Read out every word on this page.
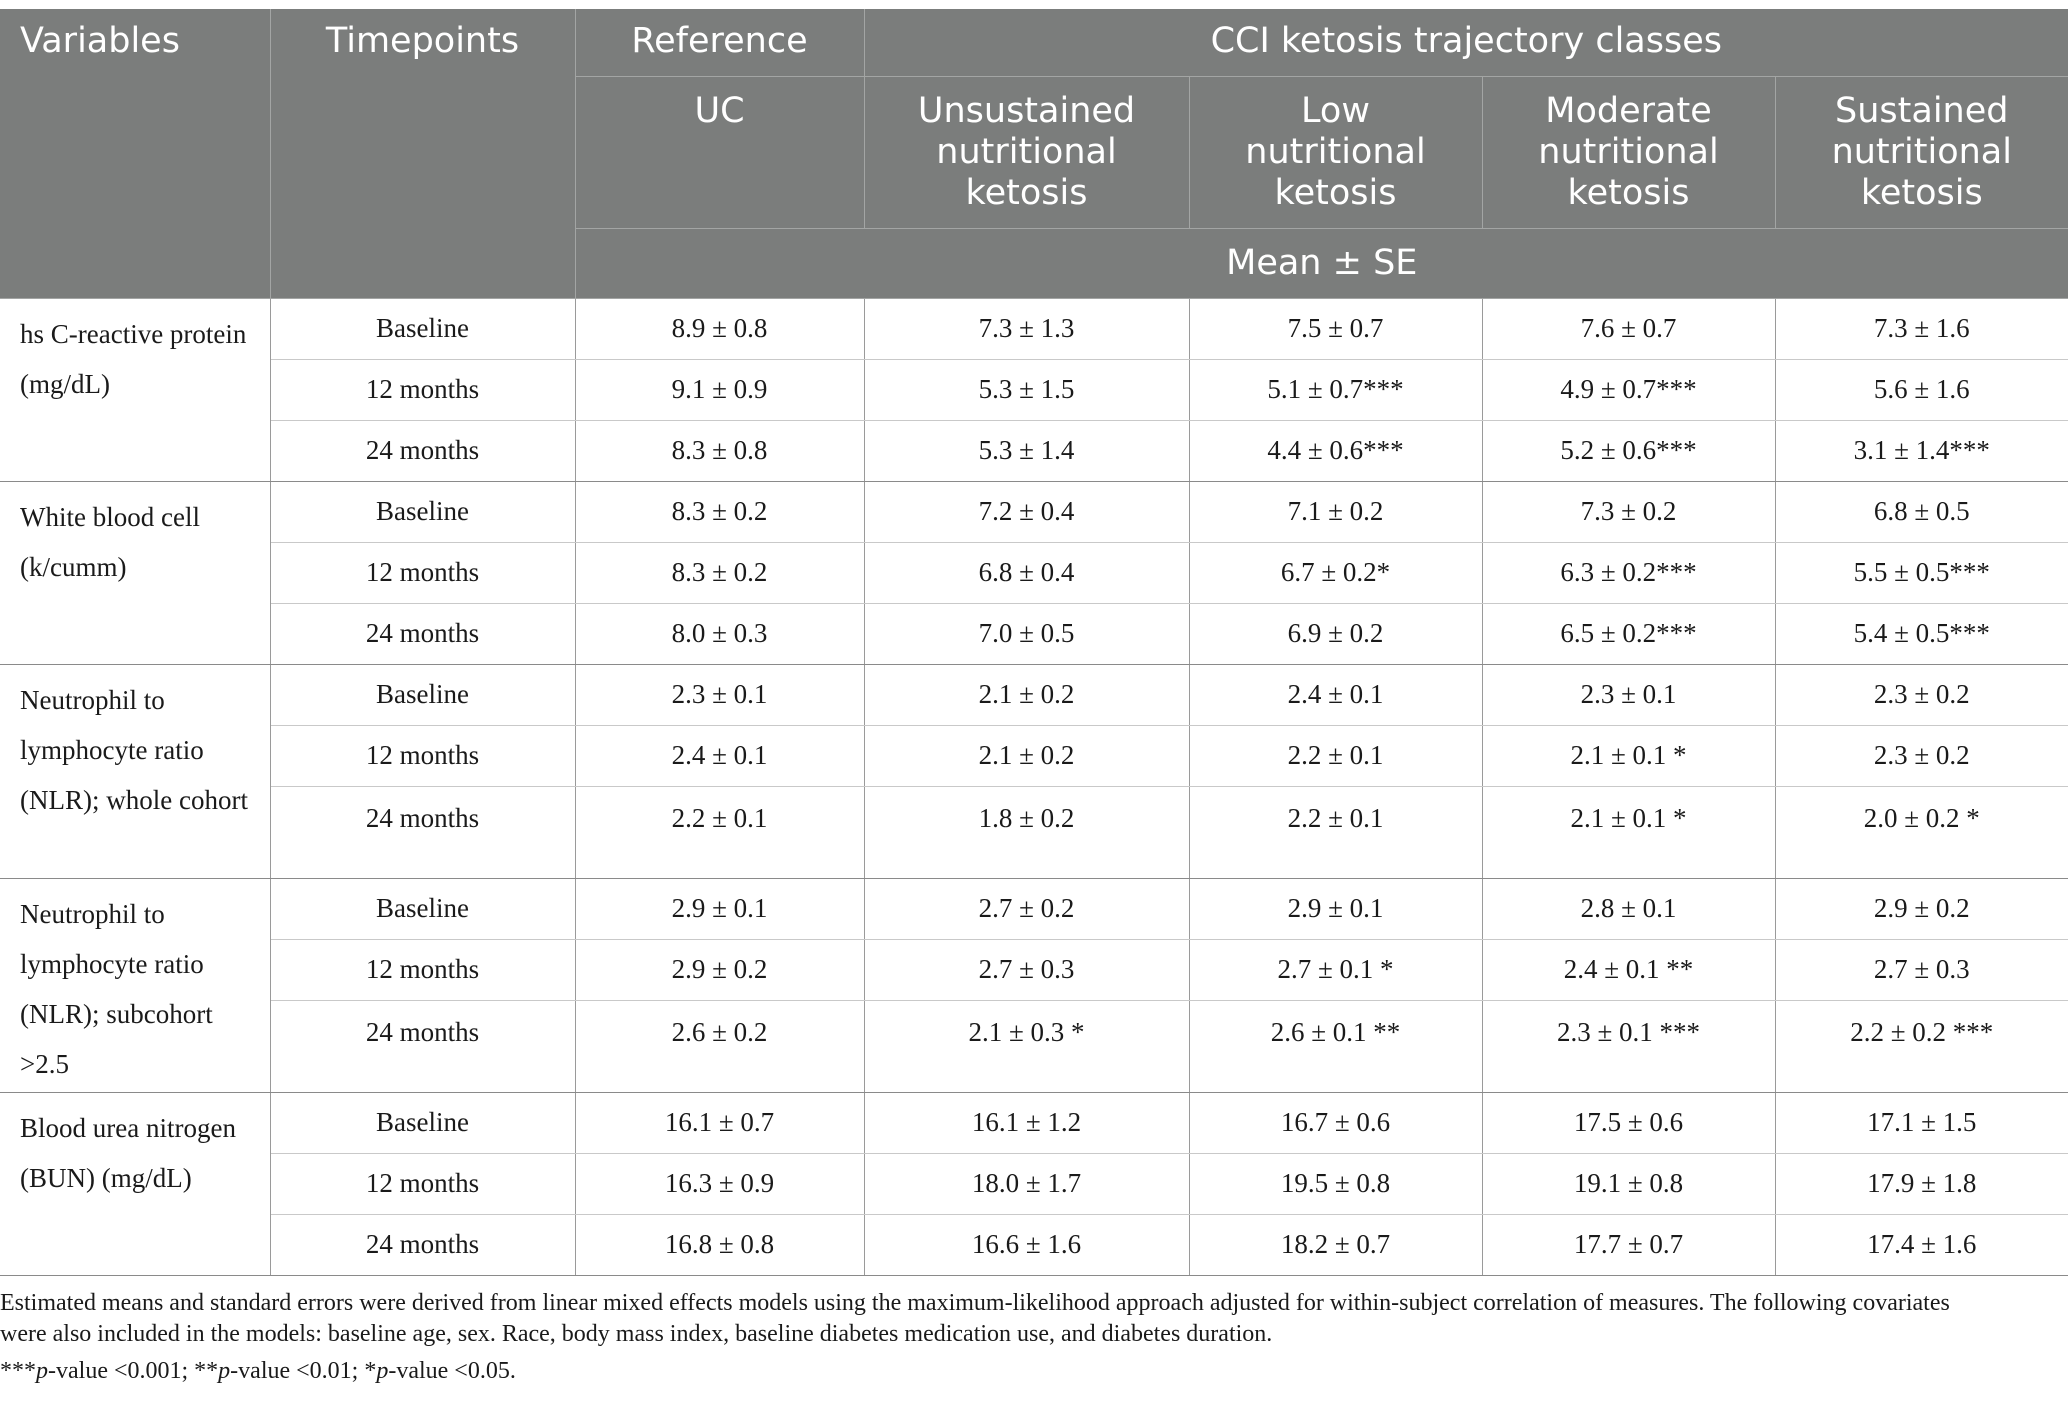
Variables	Timepoints	Reference	CCI ketosis trajectory classes			
		UC	Unsustained nutritional ketosis	Low nutritional ketosis	Moderate nutritional ketosis	Sustained nutritional ketosis
		Mean ± SE				
hs C-reactive protein (mg/dL)	Baseline	8.9 ± 0.8	7.3 ± 1.3	7.5 ± 0.7	7.6 ± 0.7	7.3 ± 1.6
	12 months	9.1 ± 0.9	5.3 ± 1.5	5.1 ± 0.7***	4.9 ± 0.7***	5.6 ± 1.6
	24 months	8.3 ± 0.8	5.3 ± 1.4	4.4 ± 0.6***	5.2 ± 0.6***	3.1 ± 1.4***
White blood cell (k/cumm)	Baseline	8.3 ± 0.2	7.2 ± 0.4	7.1 ± 0.2	7.3 ± 0.2	6.8 ± 0.5
	12 months	8.3 ± 0.2	6.8 ± 0.4	6.7 ± 0.2*	6.3 ± 0.2***	5.5 ± 0.5***
	24 months	8.0 ± 0.3	7.0 ± 0.5	6.9 ± 0.2	6.5 ± 0.2***	5.4 ± 0.5***
Neutrophil to lymphocyte ratio (NLR); whole cohort	Baseline	2.3 ± 0.1	2.1 ± 0.2	2.4 ± 0.1	2.3 ± 0.1	2.3 ± 0.2
	12 months	2.4 ± 0.1	2.1 ± 0.2	2.2 ± 0.1	2.1 ± 0.1 *	2.3 ± 0.2
	24 months	2.2 ± 0.1	1.8 ± 0.2	2.2 ± 0.1	2.1 ± 0.1 *	2.0 ± 0.2 *
Neutrophil to lymphocyte ratio (NLR); subcohort >2.5	Baseline	2.9 ± 0.1	2.7 ± 0.2	2.9 ± 0.1	2.8 ± 0.1	2.9 ± 0.2
	12 months	2.9 ± 0.2	2.7 ± 0.3	2.7 ± 0.1 *	2.4 ± 0.1 **	2.7 ± 0.3
	24 months	2.6 ± 0.2	2.1 ± 0.3 *	2.6 ± 0.1 **	2.3 ± 0.1 ***	2.2 ± 0.2 ***
Blood urea nitrogen (BUN) (mg/dL)	Baseline	16.1 ± 0.7	16.1 ± 1.2	16.7 ± 0.6	17.5 ± 0.6	17.1 ± 1.5
	12 months	16.3 ± 0.9	18.0 ± 1.7	19.5 ± 0.8	19.1 ± 0.8	17.9 ± 1.8
	24 months	16.8 ± 0.8	16.6 ± 1.6	18.2 ± 0.7	17.7 ± 0.7	17.4 ± 1.6

Estimated means and standard errors were derived from linear mixed effects models using the maximum-likelihood approach adjusted for within-subject correlation of measures. The following covariates were also included in the models: baseline age, sex. Race, body mass index, baseline diabetes medication use, and diabetes duration.

***p-value <0.001; **p-value <0.01; *p-value <0.05.
